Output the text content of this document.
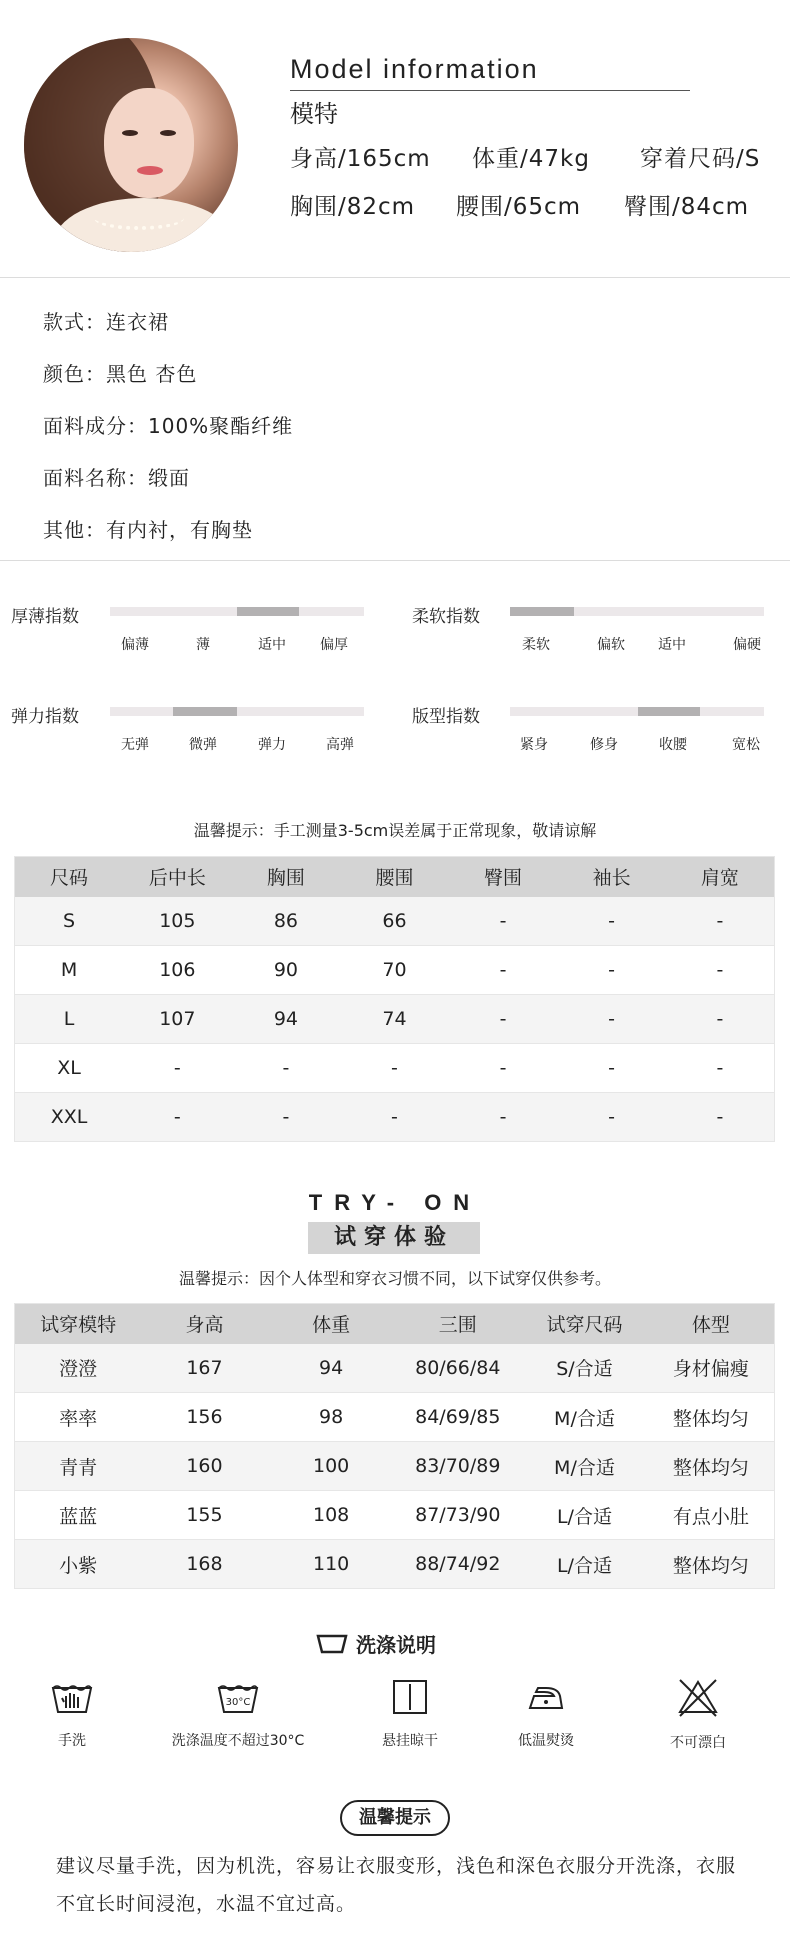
Model information
模特
身高/165cm 体重/47kg 穿着尺码/S
胸围/82cm 腰围/65cm 臀围/84cm
款式：连衣裙
颜色：黑色 杏色
面料成分：100%聚酯纤维
面料名称：缎面
其他：有内衬，有胸垫
厚薄指数
偏薄	薄	适中 偏厚
柔软指数
柔软	偏软 适中	偏硬
弹力指数
无弹	微弹	弹力	高弹
版型指数
紧身	修身	收腰	宽松
温馨提示：手工测量3-5cm误差属于正常现象，敬请谅解
尺码	后中长	胸围	腰围	臀围	袖长	肩宽
S	105	86	66	-	-	-
M	106	90	70	-	-	-
L	107	94	74	-	-	-
XL	-	-	-	-	-	-
XXL	-	-	-	-	-	-
TRY- ON
试穿体验
温馨提示：因个人体型和穿衣习惯不同，以下试穿仅供参考。
试穿模特	身高	体重	三围	试穿尺码	体型
澄澄	167	94	80/66/84	S/合适	身材偏瘦
率率	156	98	84/69/85	M/合适	整体均匀
青青	160	100	83/70/89	M/合适	整体均匀
蓝蓝	155	108	87/73/90	L/合适	有点小肚
小紫	168	110	88/74/92	L/合适	整体均匀
洗涤说明
手洗
30°C
洗涤温度不超过30°C	悬挂晾干	低温熨烫	不可漂白
温馨提示
建议尽量手洗，因为机洗，容易让衣服变形，浅色和深色衣服分开洗涤，衣服不宜长时间浸泡，水温不宜过高。
